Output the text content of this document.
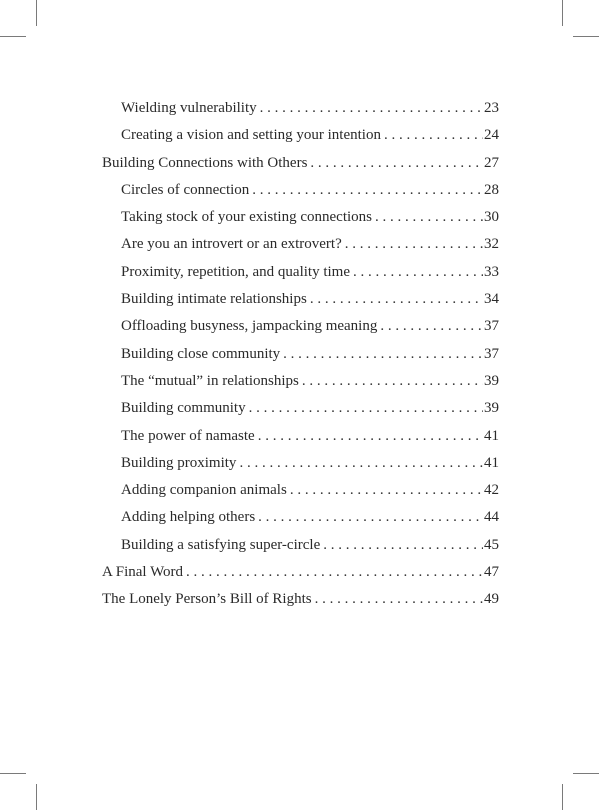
Wielding vulnerability . . .	23
Creating a vision and setting your intention . . .	24
Building Connections with Others . . .	27
Circles of connection . . .	28
Taking stock of your existing connections . . .	30
Are you an introvert or an extrovert? . . .	32
Proximity, repetition, and quality time . . .	33
Building intimate relationships . . .	34
Offloading busyness, jampacking meaning . . .	37
Building close community . . .	37
The “mutual” in relationships . . .	39
Building community . . .	39
The power of namaste . . .	41
Building proximity . . .	41
Adding companion animals . . .	42
Adding helping others . . .	44
Building a satisfying super-circle . . .	45
A Final Word . . .	47
The Lonely Person’s Bill of Rights . . .	49
